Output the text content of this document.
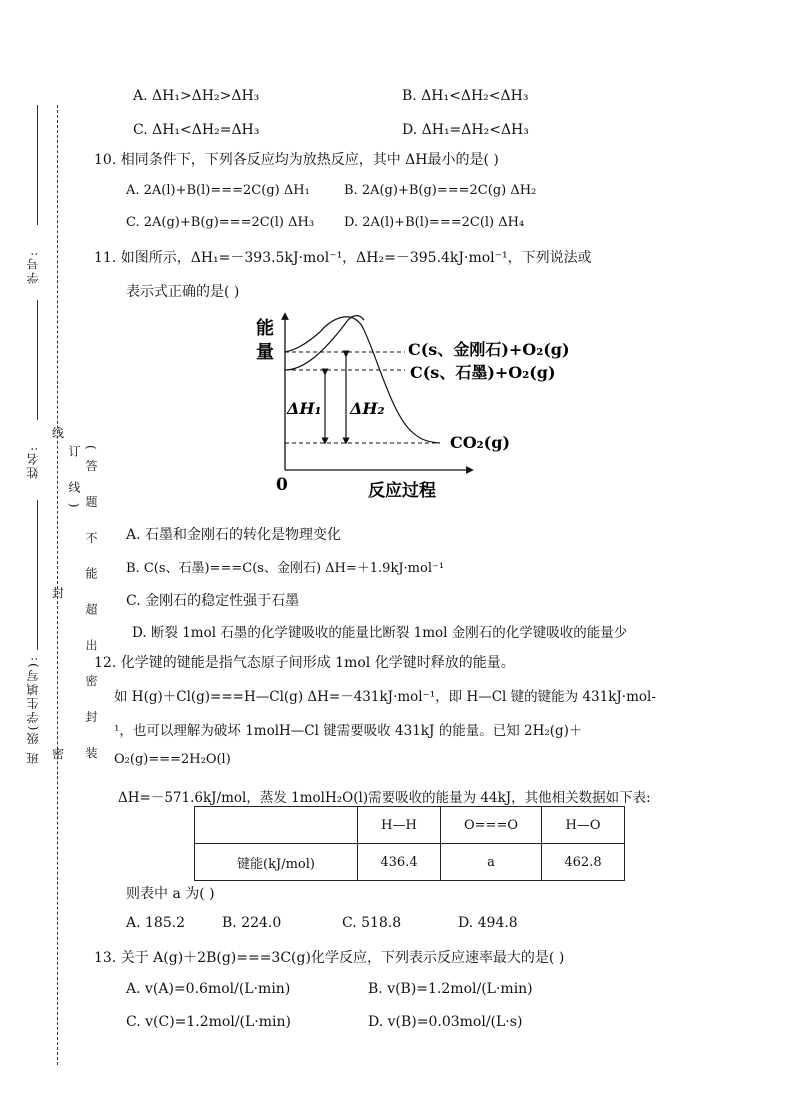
学号:
姓名:
班 级(学生填写):
线
封
密	(答 题 不 能 超 出 密 封 装 订 线)
A. ΔH₁>ΔH₂>ΔH₃	B. ΔH₁<ΔH₂<ΔH₃
C. ΔH₁<ΔH₂=ΔH₃	D. ΔH₁=ΔH₂<ΔH₃
10. 相同条件下，下列各反应均为放热反应，其中 ΔH最小的是( )
A. 2A(l)+B(l)===2C(g) ΔH₁	B. 2A(g)+B(g)===2C(g) ΔH₂
C. 2A(g)+B(g)===2C(l) ΔH₃ D. 2A(l)+B(l)===2C(l) ΔH₄
11. 如图所示，ΔH₁=－393.5kJ·mol⁻¹，ΔH₂=－395.4kJ·mol⁻¹，下列说法或
表示式正确的是( )
能
量
0	反应过程
C(s、金刚石)+O₂(g)
C(s、石墨)+O₂(g)
CO₂(g)
ΔH₁ ΔH₂
A. 石墨和金刚石的转化是物理变化
B. C(s、石墨)===C(s、金刚石) ΔH=＋1.9kJ·mol⁻¹
C. 金刚石的稳定性强于石墨
D. 断裂 1mol 石墨的化学键吸收的能量比断裂 1mol 金刚石的化学键吸收的能量少
12. 化学键的键能是指气态原子间形成 1mol 化学键时释放的能量。
如 H(g)＋Cl(g)===H—Cl(g) ΔH=－431kJ·mol⁻¹，即 H—Cl 键的键能为 431kJ·mol-
¹，也可以理解为破坏 1molH—Cl 键需要吸收 431kJ 的能量。已知 2H₂(g)＋
O₂(g)===2H₂O(l)
ΔH=－571.6kJ/mol，蒸发 1molH₂O(l)需要吸收的能量为 44kJ，其他相关数据如下表:
	H—H	O===O	H—O
键能(kJ/mol)	436.4	a	462.8
则表中 a 为( )
A. 185.2	B. 224.0	C. 518.8	D. 494.8
13. 关于 A(g)＋2B(g)===3C(g)化学反应，下列表示反应速率最大的是( )
A. v(A)=0.6mol/(L·min)	B. v(B)=1.2mol/(L·min)
C. v(C)=1.2mol/(L·min)	D. v(B)=0.03mol/(L·s)
